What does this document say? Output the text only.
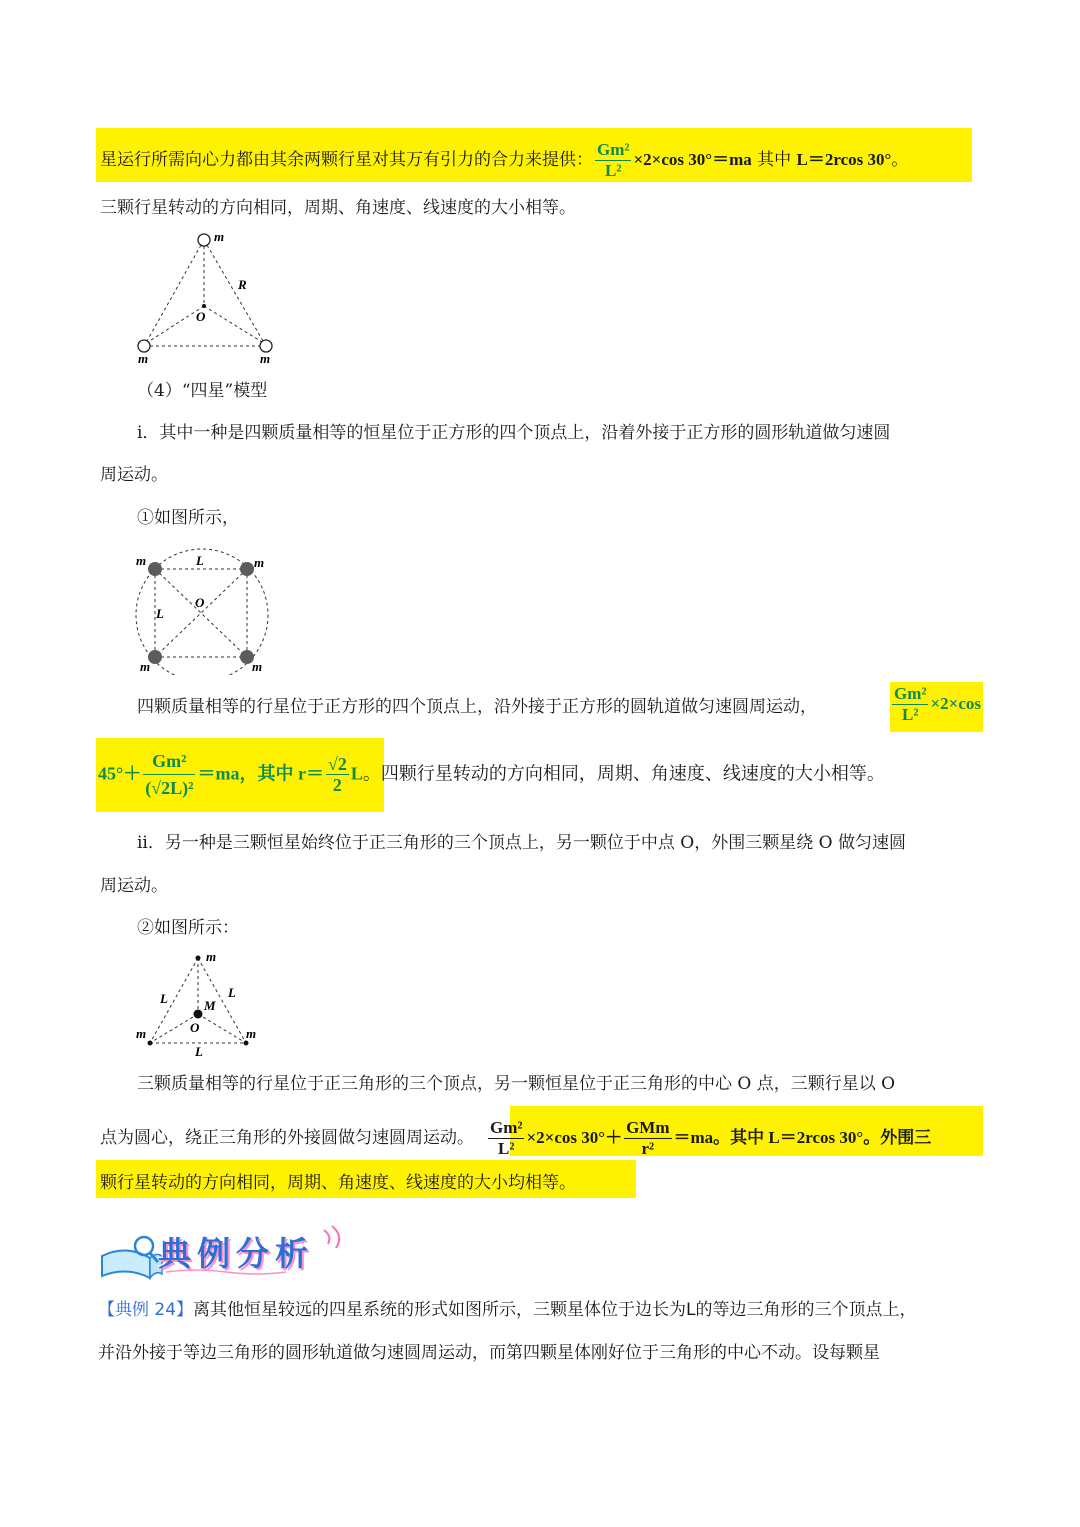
星运行所需向心力都由其余两颗行星对其万有引力的合力来提供： $\frac{\text{Gm²}}{\text{L²}} \times 2\times\cos$ 30°＝ma 其中 L＝2rcos 30°。
三颗行星转动的方向相同，周期、角速度、线速度的大小相等。
m
m	m
O
R
（4）“四星”模型
i．其中一种是四颗质量相等的恒星位于正方形的四个顶点上，沿着外接于正方形的圆形轨道做匀速圆
周运动。
①如图所示，
m	m
m	m
L
L
O
四颗质量相等的行星位于正方形的四个顶点上，沿外接于正方形的圆轨道做匀速圆周运动，	$\frac{\text{Gm²}}{\text{L²}} \times 2\times\cos$
$45^\circ+ \frac{\text{Gm²}}{\text{(√2L)²}} =ma$，其中 $r= \frac{√2}{2}$ L。四颗行星转动的方向相同，周期、角速度、线速度的大小相等。
ii．另一种是三颗恒星始终位于正三角形的三个顶点上，另一颗位于中点 O，外围三颗星绕 O 做匀速圆
周运动。
②如图所示：
m
m	m
M
O
L	L
L
三颗质量相等的行星位于正三角形的三个顶点，另一颗恒星位于正三角形的中心 O 点，三颗行星以 O
点为圆心，绕正三角形的外接圆做匀速圆周运动。 $\frac{\text{Gm²}}{\text{L²}} \times 2\times\cos$ $30^\circ+ \frac{\text{GMm}}{\text{r²}} =ma$。其中 L＝2rcos 30°。外围三
颗行星转动的方向相同，周期、角速度、线速度的大小均相等。
典例分析
【典例 24】离其他恒星较远的四星系统的形式如图所示，三颗星体位于边长为L的等边三角形的三个顶点上，
并沿外接于等边三角形的圆形轨道做匀速圆周运动，而第四颗星体刚好位于三角形的中心不动。设每颗星
